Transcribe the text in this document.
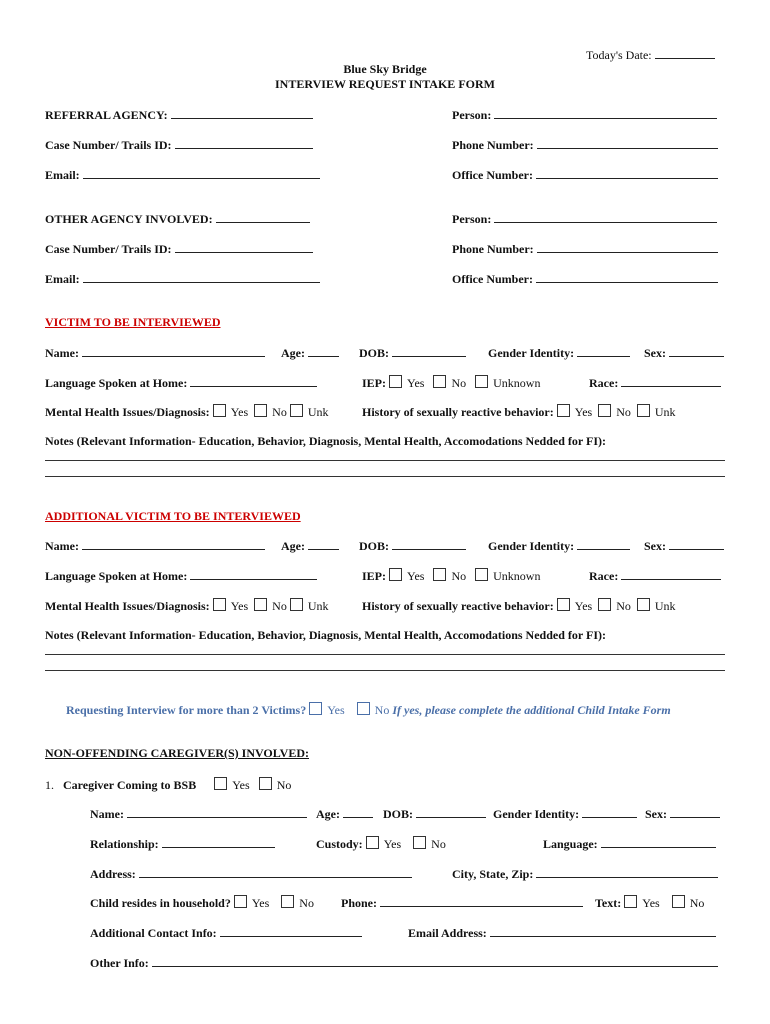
Today's Date:
Blue Sky Bridge
INTERVIEW REQUEST INTAKE FORM
REFERRAL AGENCY:	Person:
Case Number/ Trails ID:	Phone Number:
Email:	Office Number:
OTHER AGENCY INVOLVED:	Person:
Case Number/ Trails ID:	Phone Number:
Email:	Office Number:
VICTIM TO BE INTERVIEWED
Name:	Age:	DOB:	Gender Identity:	Sex:
Language Spoken at Home:	IEP: Yes No Unknown	Race:
Mental Health Issues/Diagnosis: Yes No Unk	History of sexually reactive behavior: Yes No Unk
Notes (Relevant Information- Education, Behavior, Diagnosis, Mental Health, Accomodations Nedded for FI):
ADDITIONAL VICTIM TO BE INTERVIEWED
Name:	Age:	DOB:	Gender Identity:	Sex:
Language Spoken at Home:	IEP: Yes No Unknown	Race:
Mental Health Issues/Diagnosis: Yes No Unk	History of sexually reactive behavior: Yes No Unk
Notes (Relevant Information- Education, Behavior, Diagnosis, Mental Health, Accomodations Nedded for FI):
Requesting Interview for more than 2 Victims? Yes	No If yes, please complete the additional Child Intake Form
NON-OFFENDING CAREGIVER(S) INVOLVED:
1. Caregiver Coming to BSB	Yes No
Name:	Age:	DOB:	Gender Identity:	Sex:
Relationship:	Custody: Yes	No	Language:
Address:	City, State, Zip:
Child resides in household? Yes	No Phone:	Text: Yes	No
Additional Contact Info:	Email Address:
Other Info:
